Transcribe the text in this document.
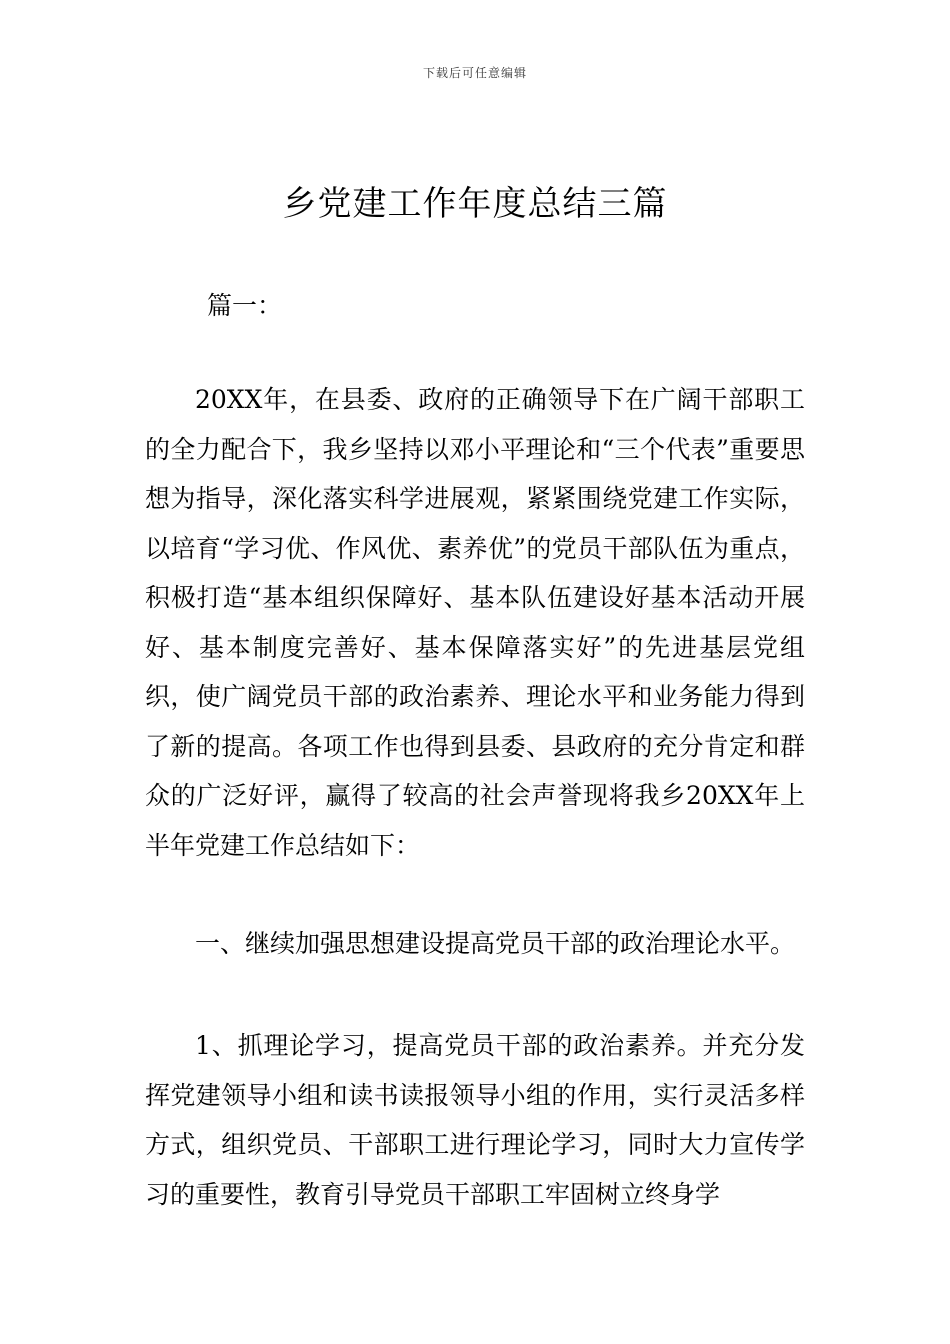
下载后可任意编辑
乡党建工作年度总结三篇
篇一：

20XX年，在县委、政府的正确领导下在广阔干部职工的全力配合下，我乡坚持以邓小平理论和“三个代表”重要思想为指导，深化落实科学进展观，紧紧围绕党建工作实际，以培育“学习优、作风优、素养优”的党员干部队伍为重点，积极打造“基本组织保障好、基本队伍建设好基本活动开展好、基本制度完善好、基本保障落实好”的先进基层党组织，使广阔党员干部的政治素养、理论水平和业务能力得到了新的提高。各项工作也得到县委、县政府的充分肯定和群众的广泛好评，赢得了较高的社会声誉现将我乡20XX年上半年党建工作总结如下：

一、继续加强思想建设提高党员干部的政治理论水平。

1、抓理论学习，提高党员干部的政治素养。并充分发挥党建领导小组和读书读报领导小组的作用，实行灵活多样方式，组织党员、干部职工进行理论学习，同时大力宣传学习的重要性，教育引导党员干部职工牢固树立终身学
